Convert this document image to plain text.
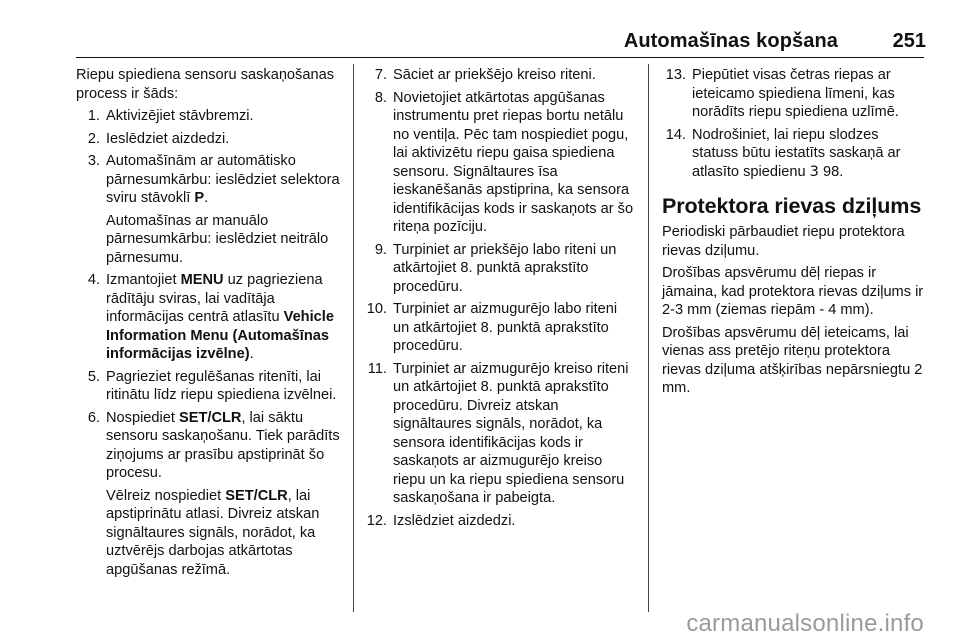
Automašīnas kopšana	251

Riepu spiediena sensoru saskaņošanas process ir šāds:

1. Aktivizējiet stāvbremzi.
2. Ieslēdziet aizdedzi.
3. Automašīnām ar automātisko pārnesumkārbu: ieslēdziet selektora sviru stāvoklī P.
Automašīnas ar manuālo pārnesumkārbu: ieslēdziet neitrālo pārnesumu.
4. Izmantojiet MENU uz pagrieziena rādītāju sviras, lai vadītāja informācijas centrā atlasītu Vehicle Information Menu (Automašīnas informācijas izvēlne).
5. Pagrieziet regulēšanas ritenīti, lai ritinātu līdz riepu spiediena izvēlnei.
6. Nospiediet SET/CLR, lai sāktu sensoru saskaņošanu. Tiek parādīts ziņojums ar prasību apstiprināt šo procesu.
Vēlreiz nospiediet SET/CLR, lai apstiprinātu atlasi. Divreiz atskan signāltaures signāls, norādot, ka uztvērējs darbojas atkārtotas apgūšanas režīmā.
7. Sāciet ar priekšējo kreiso riteni.
8. Novietojiet atkārtotas apgūšanas instrumentu pret riepas bortu netālu no ventiļa. Pēc tam nospiediet pogu, lai aktivizētu riepu gaisa spiediena sensoru. Signāltaures īsa ieskanēšanās apstiprina, ka sensora identifikācijas kods ir saskaņots ar šo riteņa pozīciju.
9. Turpiniet ar priekšējo labo riteni un atkārtojiet 8. punktā aprakstīto procedūru.
10. Turpiniet ar aizmugurējo labo riteni un atkārtojiet 8. punktā aprakstīto procedūru.
11. Turpiniet ar aizmugurējo kreiso riteni un atkārtojiet 8. punktā aprakstīto procedūru. Divreiz atskan signāltaures signāls, norādot, ka sensora identifikācijas kods ir saskaņots ar aizmugurējo kreiso riepu un ka riepu spiediena sensoru saskaņošana ir pabeigta.
12. Izslēdziet aizdedzi.
13. Piepūtiet visas četras riepas ar ieteicamo spiediena līmeni, kas norādīts riepu spiediena uzlīmē.
14. Nodrošiniet, lai riepu slodzes statuss būtu iestatīts saskaņā ar atlasīto spiedienu 3 98.
Protektora rievas dziļums

Periodiski pārbaudiet riepu protektora rievas dziļumu.

Drošības apsvērumu dēļ riepas ir jāmaina, kad protektora rievas dziļums ir 2-3 mm (ziemas riepām - 4 mm).

Drošības apsvērumu dēļ ieteicams, lai vienas ass pretējo riteņu protektora rievas dziļuma atšķirības nepārsniegtu 2 mm.

carmanualsonline.info
